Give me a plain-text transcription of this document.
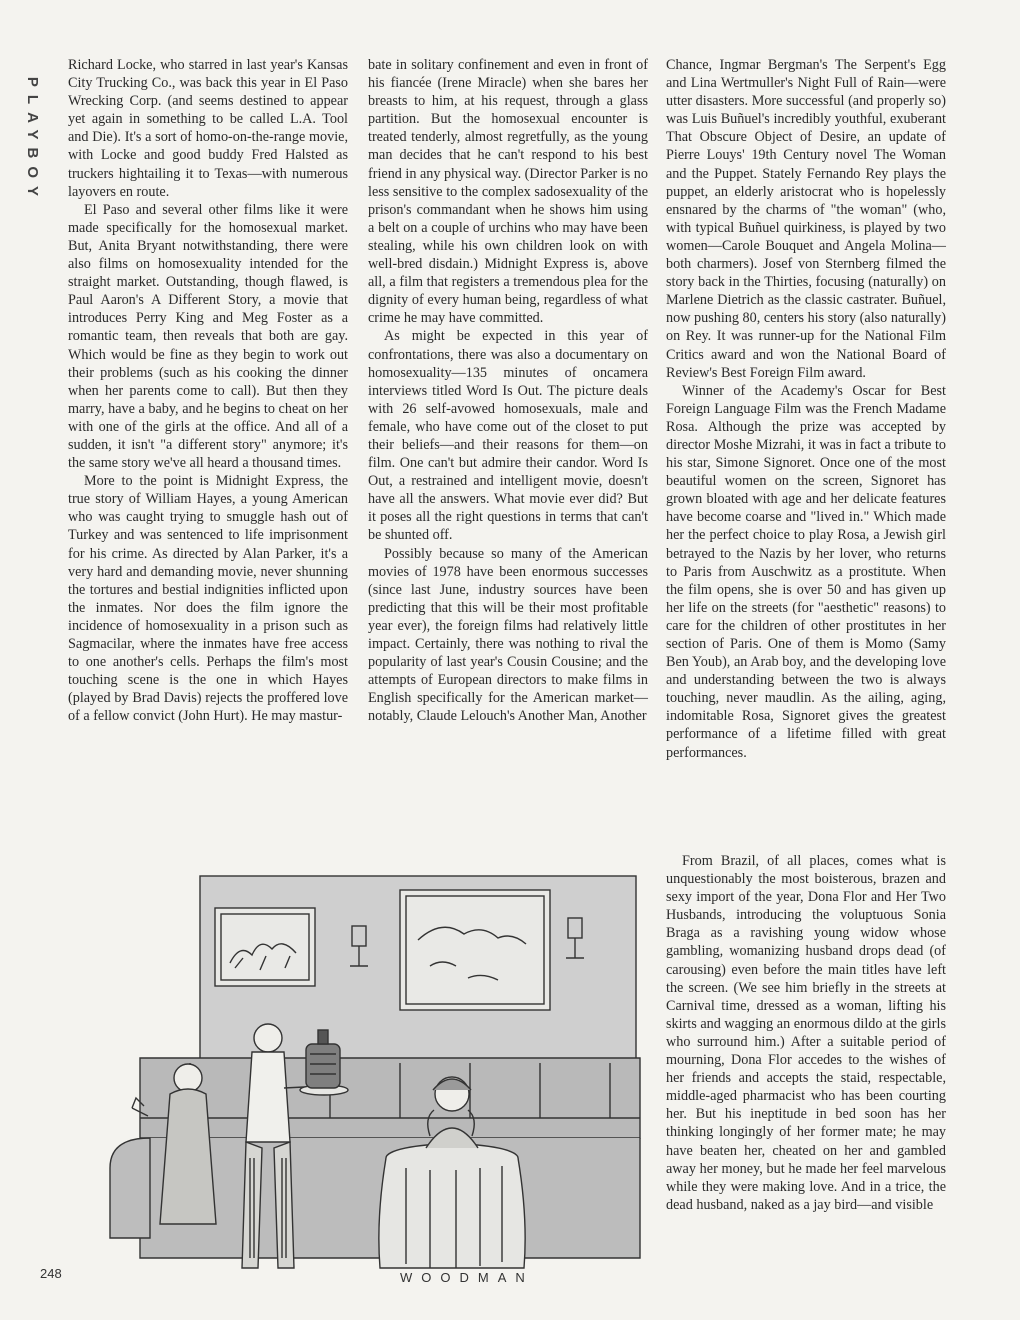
PLAYBOY

Richard Locke, who starred in last year's Kansas City Trucking Co., was back this year in El Paso Wrecking Corp. (and seems destined to appear yet again in something to be called L.A. Tool and Die). It's a sort of homo-on-the-range movie, with Locke and good buddy Fred Halsted as truckers hightailing it to Texas—with numerous layovers en route.

El Paso and several other films like it were made specifically for the homosexual market. But, Anita Bryant notwithstanding, there were also films on homosexuality intended for the straight market. Outstanding, though flawed, is Paul Aaron's A Different Story, a movie that introduces Perry King and Meg Foster as a romantic team, then reveals that both are gay. Which would be fine as they begin to work out their problems (such as his cooking the dinner when her parents come to call). But then they marry, have a baby, and he begins to cheat on her with one of the girls at the office. And all of a sudden, it isn't "a different story" anymore; it's the same story we've all heard a thousand times.

More to the point is Midnight Express, the true story of William Hayes, a young American who was caught trying to smuggle hash out of Turkey and was sentenced to life imprisonment for his crime. As directed by Alan Parker, it's a very hard and demanding movie, never shunning the tortures and bestial indignities inflicted upon the inmates. Nor does the film ignore the incidence of homosexuality in a prison such as Sagmacilar, where the inmates have free access to one another's cells. Perhaps the film's most touching scene is the one in which Hayes (played by Brad Davis) rejects the proffered love of a fellow convict (John Hurt). He may mastur-

bate in solitary confinement and even in front of his fiancée (Irene Miracle) when she bares her breasts to him, at his request, through a glass partition. But the homosexual encounter is treated tenderly, almost regretfully, as the young man decides that he can't respond to his best friend in any physical way. (Director Parker is no less sensitive to the complex sadosexuality of the prison's commandant when he shows him using a belt on a couple of urchins who may have been stealing, while his own children look on with well-bred disdain.) Midnight Express is, above all, a film that registers a tremendous plea for the dignity of every human being, regardless of what crime he may have committed.

As might be expected in this year of confrontations, there was also a documentary on homosexuality—135 minutes of oncamera interviews titled Word Is Out. The picture deals with 26 self-avowed homosexuals, male and female, who have come out of the closet to put their beliefs—and their reasons for them—on film. One can't but admire their candor. Word Is Out, a restrained and intelligent movie, doesn't have all the answers. What movie ever did? But it poses all the right questions in terms that can't be shunted off.

Possibly because so many of the American movies of 1978 have been enormous successes (since last June, industry sources have been predicting that this will be their most profitable year ever), the foreign films had relatively little impact. Certainly, there was nothing to rival the popularity of last year's Cousin Cousine; and the attempts of European directors to make films in English specifically for the American market—notably, Claude Lelouch's Another Man, Another

Chance, Ingmar Bergman's The Serpent's Egg and Lina Wertmuller's Night Full of Rain—were utter disasters. More successful (and properly so) was Luis Buñuel's incredibly youthful, exuberant That Obscure Object of Desire, an update of Pierre Louys' 19th Century novel The Woman and the Puppet. Stately Fernando Rey plays the puppet, an elderly aristocrat who is hopelessly ensnared by the charms of "the woman" (who, with typical Buñuel quirkiness, is played by two women—Carole Bouquet and Angela Molina—both charmers). Josef von Sternberg filmed the story back in the Thirties, focusing (naturally) on Marlene Dietrich as the classic castrater. Buñuel, now pushing 80, centers his story (also naturally) on Rey. It was runner-up for the National Film Critics award and won the National Board of Review's Best Foreign Film award.

Winner of the Academy's Oscar for Best Foreign Language Film was the French Madame Rosa. Although the prize was accepted by director Moshe Mizrahi, it was in fact a tribute to his star, Simone Signoret. Once one of the most beautiful women on the screen, Signoret has grown bloated with age and her delicate features have become coarse and "lived in." Which made her the perfect choice to play Rosa, a Jewish girl betrayed to the Nazis by her lover, who returns to Paris from Auschwitz as a prostitute. When the film opens, she is over 50 and has given up her life on the streets (for "aesthetic" reasons) to care for the children of other prostitutes in her section of Paris. One of them is Momo (Samy Ben Youb), an Arab boy, and the developing love and understanding between the two is always touching, never maudlin. As the ailing, aging, indomitable Rosa, Signoret gives the greatest performance of a lifetime filled with great performances.

From Brazil, of all places, comes what is unquestionably the most boisterous, brazen and sexy import of the year, Dona Flor and Her Two Husbands, introducing the voluptuous Sonia Braga as a ravishing young widow whose gambling, womanizing husband drops dead (of carousing) even before the main titles have left the screen. (We see him briefly in the streets at Carnival time, dressed as a woman, lifting his skirts and wagging an enormous dildo at the girls who surround him.) After a suitable period of mourning, Dona Flor accedes to the wishes of her friends and accepts the staid, respectable, middle-aged pharmacist who has been courting her. But his ineptitude in bed soon has her thinking longingly of her former mate; he may have beaten her, cheated on her and gambled away her money, but he made her feel marvelous while they were making love. And in a trice, the dead husband, naked as a jay bird—and visible

WOODMAN
248
